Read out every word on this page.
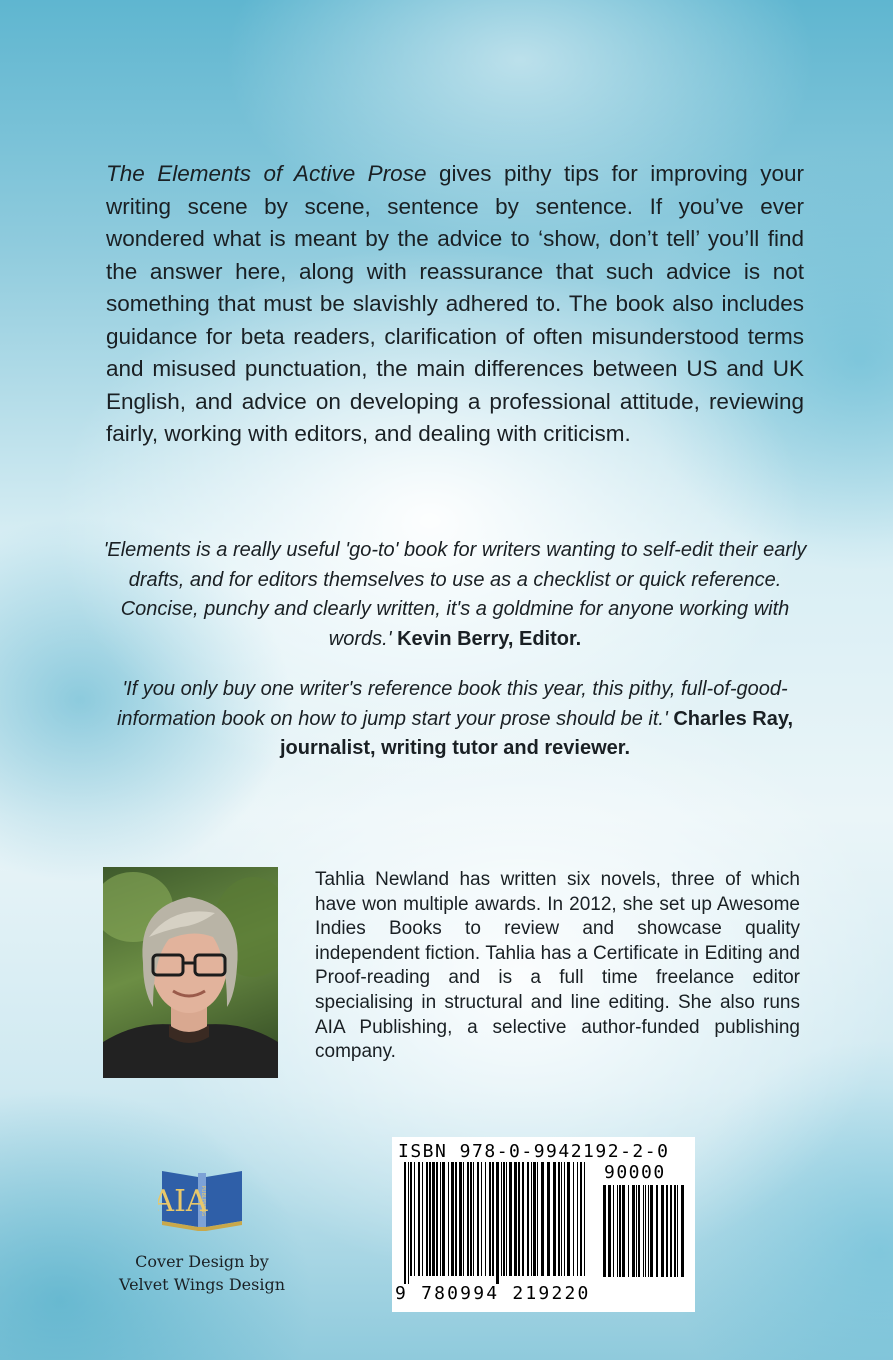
The Elements of Active Prose gives pithy tips for improving your writing scene by scene, sentence by sentence. If you’ve ever wondered what is meant by the advice to ‘show, don’t tell’ you’ll find the answer here, along with reassurance that such advice is not something that must be slavishly adhered to. The book also includes guidance for beta readers, clarification of often misunderstood terms and misused punctuation, the main differences between US and UK English, and advice on developing a professional attitude, reviewing fairly, working with editors, and dealing with criticism.

'Elements is a really useful 'go-to' book for writers wanting to self-edit their early drafts, and for editors themselves to use as a checklist or quick reference. Concise, punchy and clearly written, it's a goldmine for anyone working with words.' Kevin Berry, Editor.

'If you only buy one writer's reference book this year, this pithy, full-of-good-information book on how to jump start your prose should be it.' Charles Ray, journalist, writing tutor and reviewer.

Tahlia Newland has written six novels, three of which have won multiple awards. In 2012, she set up Awesome Indies Books to review and showcase quality independent fiction. Tahlia has a Certificate in Editing and Proof-reading and is a full time freelance editor specialising in structural and line editing. She also runs AIA Publishing, a selective author-funded publishing company.

AIA
PUBLISHING
Cover Design by
Velvet Wings Design
ISBN 978-0-9942192-2-0
90000
9 780994 219220
